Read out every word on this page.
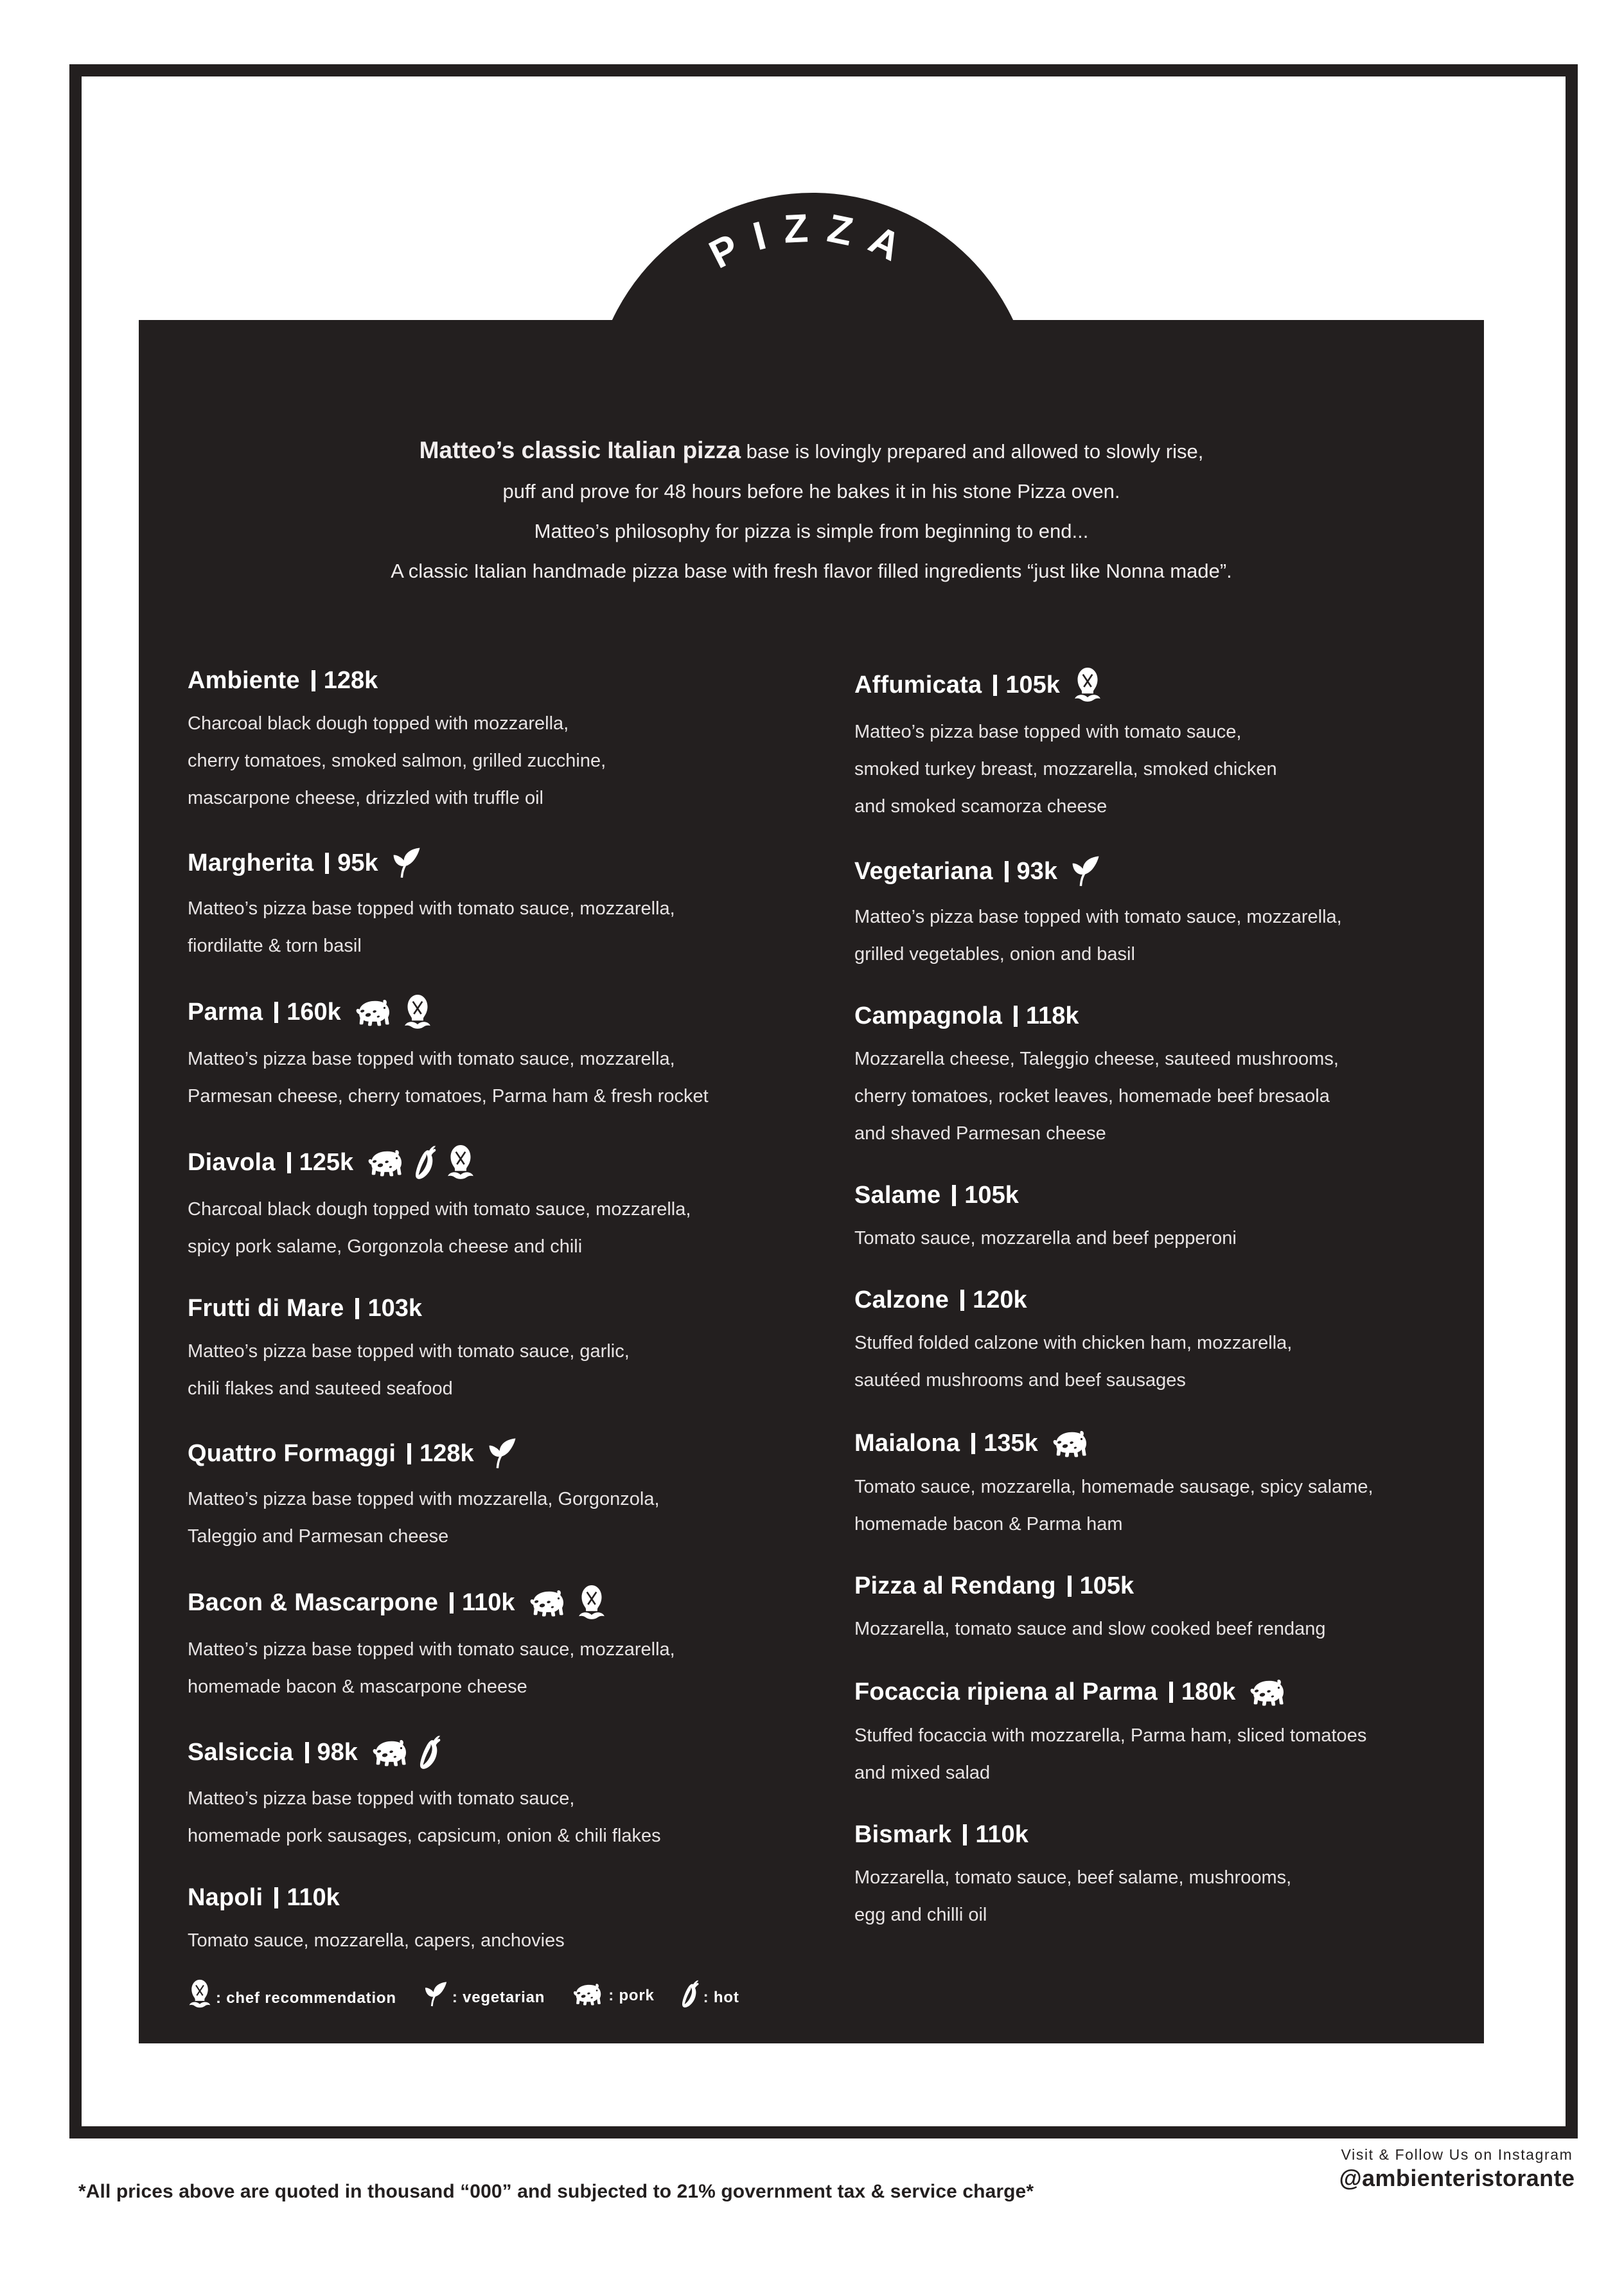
PIZZA
Matteo’s classic Italian pizza base is lovingly prepared and allowed to slowly rise,
puff and prove for 48 hours before he bakes it in his stone Pizza oven.
Matteo’s philosophy for pizza is simple from beginning to end...
A classic Italian handmade pizza base with fresh flavor filled ingredients “just like Nonna made”.
Ambiente 128k
Charcoal black dough topped with mozzarella,
cherry tomatoes, smoked salmon, grilled zucchine,
mascarpone cheese, drizzled with truffle oil
Margherita 95k
Matteo’s pizza base topped with tomato sauce, mozzarella,
fiordilatte & torn basil
Parma 160k
Matteo’s pizza base topped with tomato sauce, mozzarella,
Parmesan cheese, cherry tomatoes, Parma ham & fresh rocket
Diavola 125k
Charcoal black dough topped with tomato sauce, mozzarella,
spicy pork salame, Gorgonzola cheese and chili
Frutti di Mare 103k
Matteo’s pizza base topped with tomato sauce, garlic,
chili flakes and sauteed seafood
Quattro Formaggi 128k
Matteo’s pizza base topped with mozzarella, Gorgonzola,
Taleggio and Parmesan cheese
Bacon & Mascarpone 110k
Matteo’s pizza base topped with tomato sauce, mozzarella,
homemade bacon & mascarpone cheese
Salsiccia 98k
Matteo’s pizza base topped with tomato sauce,
homemade pork sausages, capsicum, onion & chili flakes
Napoli 110k
Tomato sauce, mozzarella, capers, anchovies
Affumicata 105k
Matteo’s pizza base topped with tomato sauce,
smoked turkey breast, mozzarella, smoked chicken
and smoked scamorza cheese
Vegetariana 93k
Matteo’s pizza base topped with tomato sauce, mozzarella,
grilled vegetables, onion and basil
Campagnola 118k
Mozzarella cheese, Taleggio cheese, sauteed mushrooms,
cherry tomatoes, rocket leaves, homemade beef bresaola
and shaved Parmesan cheese
Salame 105k
Tomato sauce, mozzarella and beef pepperoni
Calzone 120k
Stuffed folded calzone with chicken ham, mozzarella,
sautéed mushrooms and beef sausages
Maialona 135k
Tomato sauce, mozzarella, homemade sausage, spicy salame,
homemade bacon & Parma ham
Pizza al Rendang 105k
Mozzarella, tomato sauce and slow cooked beef rendang
Focaccia ripiena al Parma 180k
Stuffed focaccia with mozzarella, Parma ham, sliced tomatoes
and mixed salad
Bismark 110k
Mozzarella, tomato sauce, beef salame, mushrooms,
egg and chilli oil
: chef recommendation	: vegetarian	: pork	: hot
*All prices above are quoted in thousand “000” and subjected to 21% government tax & service charge*
Visit & Follow Us on Instagram
@ambienteristorante
